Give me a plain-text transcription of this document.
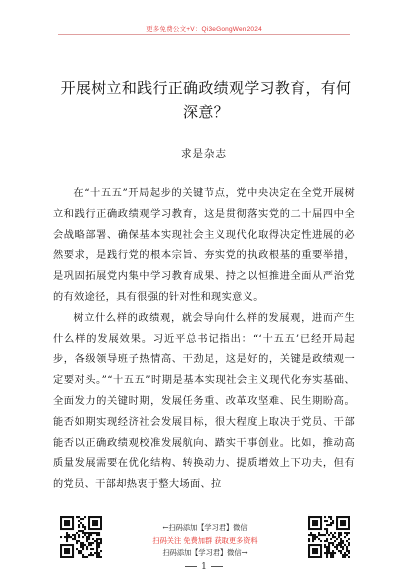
更多免费公文+V：Qi3eGongWen2024
开展树立和践行正确政绩观学习教育，有何深意？
求是杂志

在“十五五”开局起步的关键节点，党中央决定在全党开展树立和践行正确政绩观学习教育，这是贯彻落实党的二十届四中全会战略部署、确保基本实现社会主义现代化取得决定性进展的必然要求，是践行党的根本宗旨、夯实党的执政根基的重要举措，是巩固拓展党内集中学习教育成果、持之以恒推进全面从严治党的有效途径，具有很强的针对性和现实意义。

树立什么样的政绩观，就会导向什么样的发展观，进而产生什么样的发展效果。习近平总书记指出：“‘十五五’已经开局起步，各级领导班子热情高、干劲足，这是好的，关键是政绩观一定要对头。”“十五五”时期是基本实现社会主义现代化夯实基础、全面发力的关键时期，发展任务重、改革攻坚难、民生期盼高。能否如期实现经济社会发展目标，很大程度上取决于党员、干部能否以正确政绩观校准发展航向、踏实干事创业。比如，推动高质量发展需要在优化结构、转换动力、提质增效上下功夫，但有的党员、干部却热衷于整大场面、拉

←扫码添加【学习君】微信
扫码关注 免费加群 获取更多资料
扫码添加【学习君】微信→
1
